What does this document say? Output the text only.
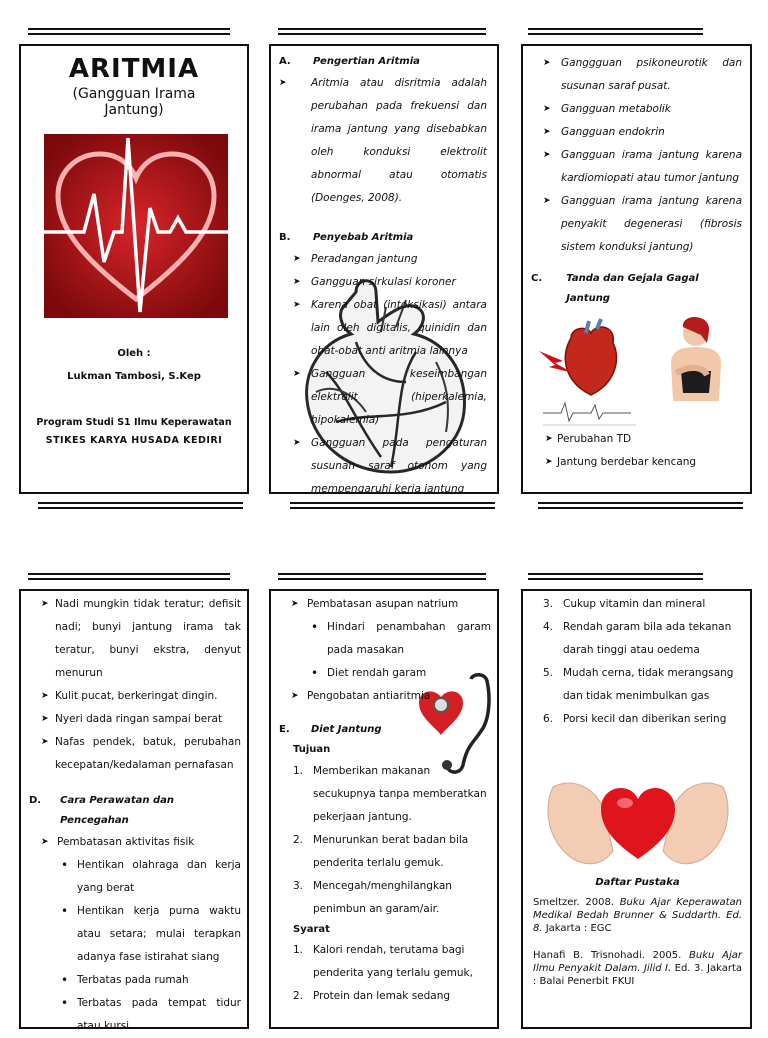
ARITMIA
(Gangguan Irama Jantung)
Oleh :
Lukman Tambosi, S.Kep
Program Studi S1 Ilmu Keperawatan
STIKES KARYA HUSADA KEDIRI
A.	Pengertian Aritmia
➤ Aritmia atau disritmia adalah perubahan pada frekuensi dan irama jantung yang disebabkan oleh konduksi elektrolit abnormal atau otomatis (Doenges, 2008).
B.	Penyebab Aritmia
➤ Peradangan jantung
➤ Gangguan sirkulasi koroner
➤ Karena obat (intoksikasi) antara lain oleh digitalis, quinidin dan obat-obat anti aritmia lainnya
➤ Gangguan keseimbangan elektrolit (hiperkalemia, hipokalemia)
➤ Gangguan pada pengaturan susunan saraf otonom yang mempengaruhi kerja jantung
➤ Ganggguan psikoneurotik dan susunan saraf pusat.
➤ Gangguan metabolik
➤ Gangguan endokrin
➤ Gangguan irama jantung karena kardiomiopati atau tumor jantung
➤ Gangguan irama jantung karena penyakit degenerasi (fibrosis sistem konduksi jantung)
C.	Tanda dan Gejala Gagal Jantung
➤ Perubahan TD
➤ Jantung berdebar kencang
➤ Nadi mungkin tidak teratur; defisit nadi; bunyi jantung irama tak teratur, bunyi ekstra, denyut menurun
➤ Kulit pucat, berkeringat dingin.
➤ Nyeri dada ringan sampai berat
➤ Nafas pendek, batuk, perubahan kecepatan/kedalaman pernafasan
D.	Cara Perawatan dan Pencegahan
➤ Pembatasan aktivitas fisik
• Hentikan olahraga dan kerja yang berat
• Hentikan kerja purna waktu atau setara; mulai terapkan adanya fase istirahat siang
• Terbatas pada rumah
• Terbatas pada tempat tidur atau kursi
➤ Pembatasan asupan natrium
• Hindari penambahan garam pada masakan
• Diet rendah garam
➤ Pengobatan antiaritmia
E.	Diet Jantung
Tujuan
1. Memberikan makanan secukupnya tanpa memberatkan pekerjaan jantung.
2. Menurunkan berat badan bila penderita terlalu gemuk.
3. Mencegah/menghilangkan penimbun an garam/air.
Syarat
1. Kalori rendah, terutama bagi penderita yang terlalu gemuk,
2. Protein dan lemak sedang
3. Cukup vitamin dan mineral
4. Rendah garam bila ada tekanan darah tinggi atau oedema
5. Mudah cerna, tidak merangsang dan tidak menimbulkan gas
6. Porsi kecil dan diberikan sering
Daftar Pustaka
Smeltzer. 2008. Buku Ajar Keperawatan Medikal Bedah Brunner & Suddarth. Ed. 8. Jakarta : EGC
Hanafi B. Trisnohadi. 2005. Buku Ajar Ilmu Penyakit Dalam. Jilid I. Ed. 3. Jakarta : Balai Penerbit FKUI
